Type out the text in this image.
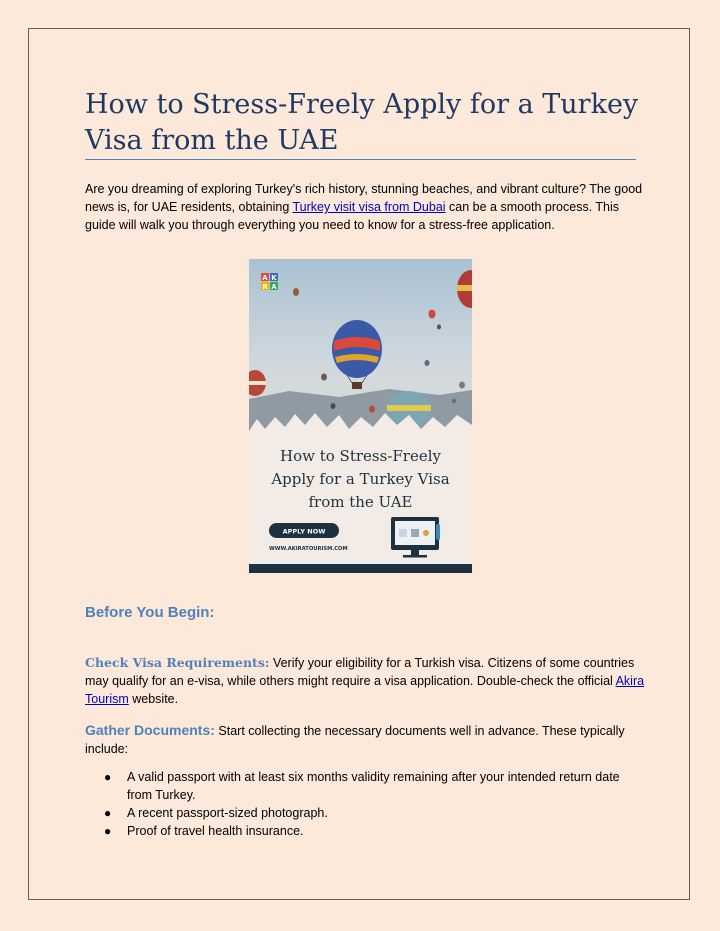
How to Stress-Freely Apply for a Turkey Visa from the UAE

Are you dreaming of exploring Turkey's rich history, stunning beaches, and vibrant culture? The good news is, for UAE residents, obtaining Turkey visit visa from Dubai can be a smooth process. This guide will walk you through everything you need to know for a stress-free application.

A K
R A
How to Stress-Freely
Apply for a Turkey Visa
from the UAE
APPLY NOW
WWW.AKIRATOURISM.COM
Before You Begin:

Check Visa Requirements: Verify your eligibility for a Turkish visa. Citizens of some countries may qualify for an e-visa, while others might require a visa application. Double-check the official Akira Tourism website.

Gather Documents: Start collecting the necessary documents well in advance. These typically include:

● A valid passport with at least six months validity remaining after your intended return date from Turkey.
● A recent passport-sized photograph.
● Proof of travel health insurance.
